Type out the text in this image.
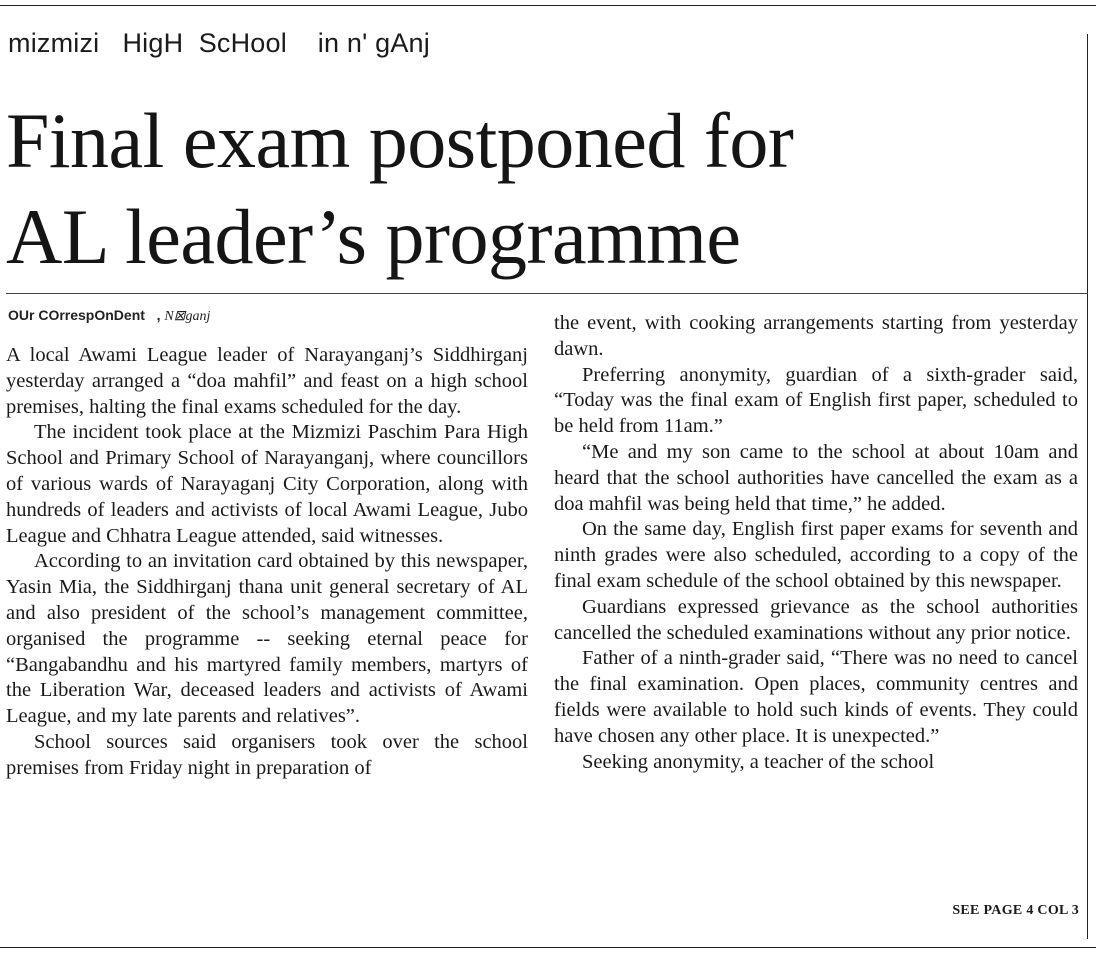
mizmizi   HigH  ScHool    in n' gAnj
Final exam postponed for
AL leader’s programme
OUr COrrespOnDent   , N⊠ganj

A local Awami League leader of Narayanganj’s Siddhirganj yesterday arranged a “doa mahfil” and feast on a high school premises, halting the final exams scheduled for the day.

The incident took place at the Mizmizi Paschim Para High School and Primary School of Narayanganj, where councillors of various wards of Narayaganj City Corporation, along with hundreds of leaders and activists of local Awami League, Jubo League and Chhatra League attended, said witnesses.

According to an invitation card obtained by this newspaper, Yasin Mia, the Siddhirganj thana unit general secretary of AL and also president of the school’s management committee, organised the programme -- seeking eternal peace for “Bangabandhu and his martyred family members, martyrs of the Liberation War, deceased leaders and activists of Awami League, and my late parents and relatives”.

School sources said organisers took over the school premises from Friday night in preparation of

the event, with cooking arrangements starting from yesterday dawn.

Preferring anonymity, guardian of a sixth-grader said, “Today was the final exam of English first paper, scheduled to be held from 11am.”

“Me and my son came to the school at about 10am and heard that the school authorities have cancelled the exam as a doa mahfil was being held that time,” he added.

On the same day, English first paper exams for seventh and ninth grades were also scheduled, according to a copy of the final exam schedule of the school obtained by this newspaper.

Guardians expressed grievance as the school authorities cancelled the scheduled examinations without any prior notice.

Father of a ninth-grader said, “There was no need to cancel the final examination. Open places, community centres and fields were available to hold such kinds of events. They could have chosen any other place. It is unexpected.”

Seeking anonymity, a teacher of the school

SEE PAGE 4 COL 3
